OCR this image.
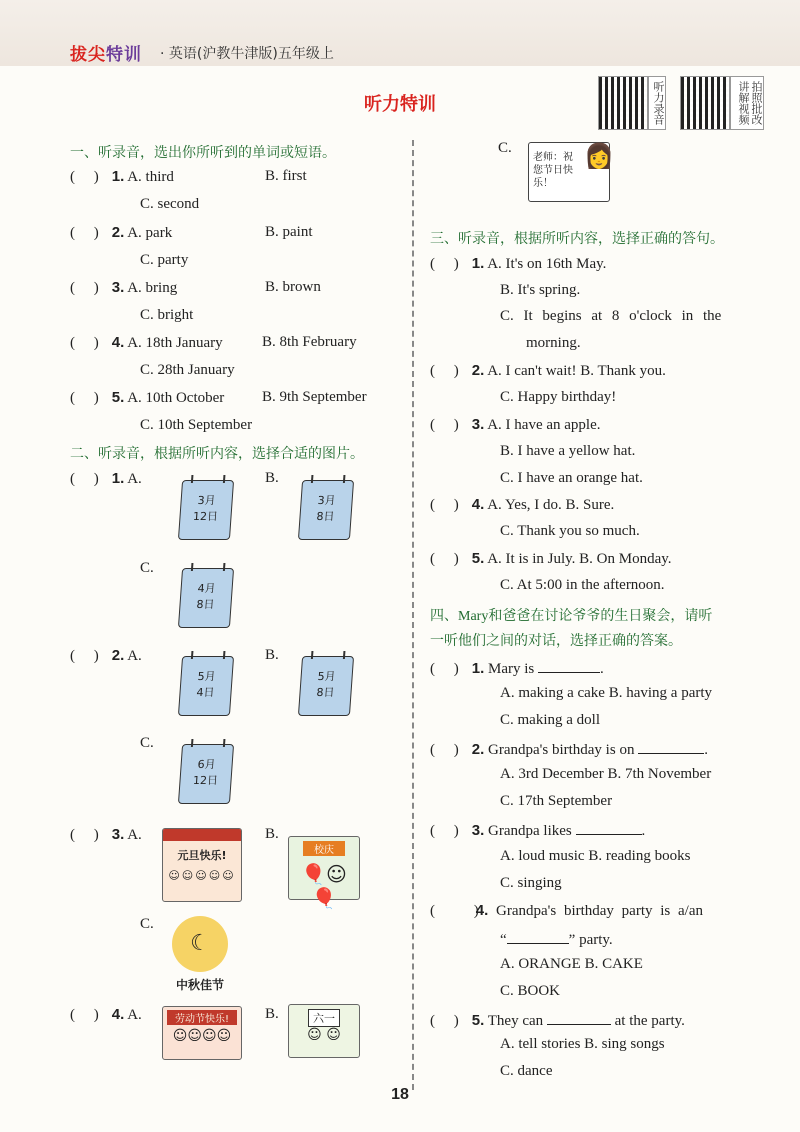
拔尖特训 · 英语(沪教牛津版)五年级上
听力特训	听力录音	拍照批改讲解视频
一、听录音，选出你所听到的单词或短语。
(     ) 1. A. third	B. first
C. second
(     ) 2. A. park	B. paint
C. party
(     ) 3. A. bring	B. brown
C. bright
(     ) 4. A. 18th January	B. 8th February
C. 28th January
(     ) 5. A. 10th October	B. 9th September
C. 10th September
二、听录音，根据所听内容，选择合适的图片。
(     ) 1. A.
3月
12日
B.
3月
8日
C.
4月
8日
(     ) 2. A.
5月
4日
B.
5月
8日
C.
6月
12日
(     ) 3. A.
元旦快乐!
☺☺☺☺☺
B.
校庆
🎈☺🎈
C.
☾
中秋佳节
(     ) 4. A.	劳动节快乐!
☺☺☺☺
B.	六一
☺ ☺
C.
老师：祝您节日快乐！
👩
三、听录音，根据所听内容，选择正确的答句。
(     ) 1. A. It's on 16th May.
B. It's spring.
C. It begins at 8 o'clock in the
morning.
(     ) 2. A. I can't wait! B. Thank you.
C. Happy birthday!
(     ) 3. A. I have an apple.
B. I have a yellow hat.
C. I have an orange hat.
(     ) 4. A. Yes, I do. B. Sure.
C. Thank you so much.
(     ) 5. A. It is in July. B. On Monday.
C. At 5:00 in the afternoon.
四、Mary和爸爸在讨论爷爷的生日聚会，请听
一听他们之间的对话，选择正确的答案。
(     ) 1. Mary is	.
A. making a cake B. having a party
C. making a doll
(     ) 2. Grandpa's birthday is on	.
A. 3rd December B. 7th November
C. 17th September
(     ) 3. Grandpa likes	.
A. loud music B. reading books
C. singing
(     ) 4. Grandpa's birthday party is a/an
“	” party.
A. ORANGE B. CAKE
C. BOOK
(     ) 5. They can	at the party.
A. tell stories B. sing songs
C. dance
18
